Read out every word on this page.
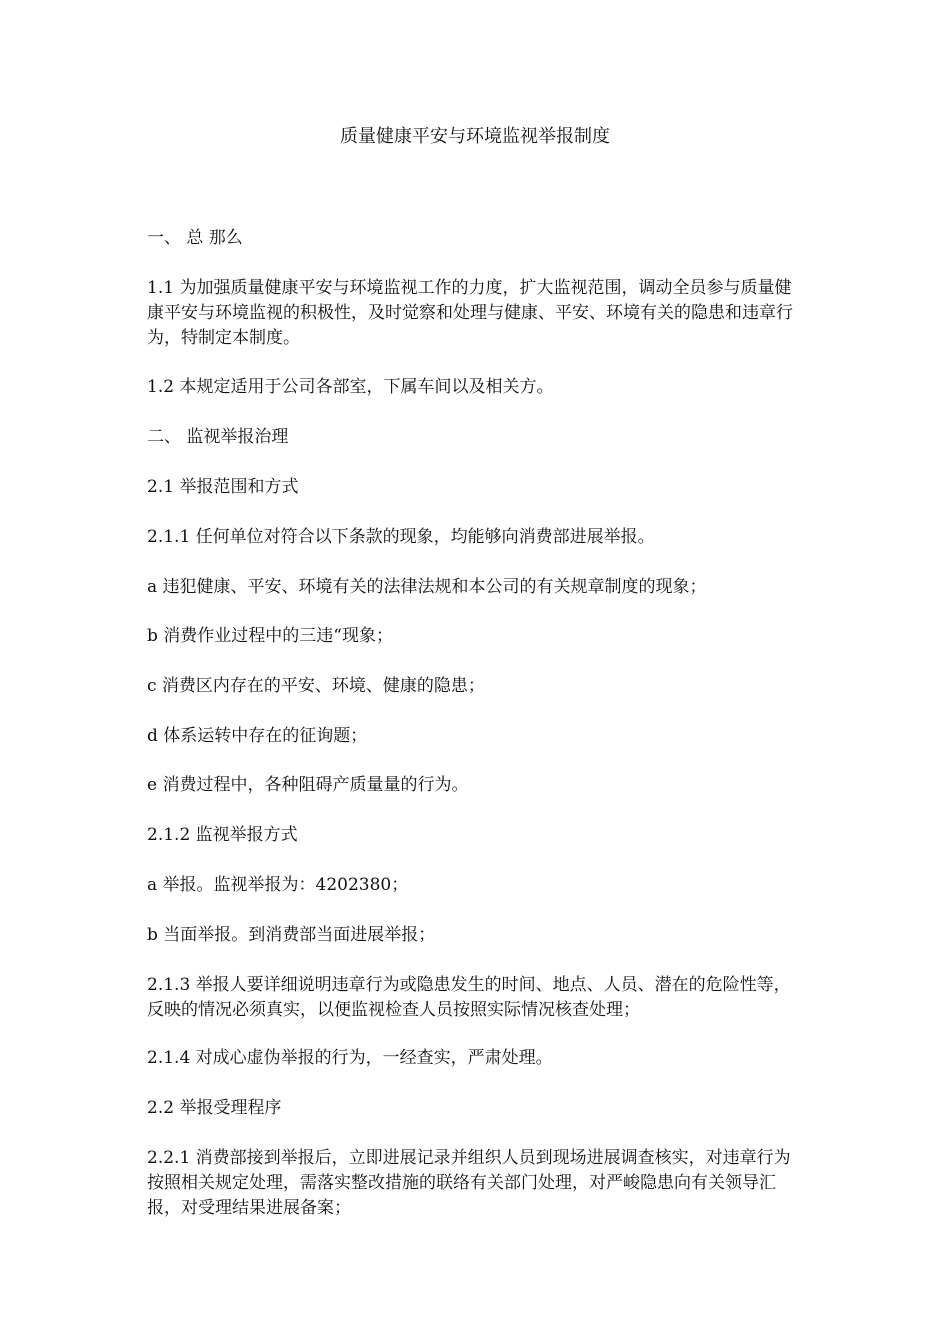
质量健康平安与环境监视举报制度

一、 总 那么

1.1 为加强质量健康平安与环境监视工作的力度，扩大监视范围，调动全员参与质量健康平安与环境监视的积极性，及时觉察和处理与健康、平安、环境有关的隐患和违章行为，特制定本制度。

1.2 本规定适用于公司各部室，下属车间以及相关方。

二、 监视举报治理

2.1 举报范围和方式

2.1.1 任何单位对符合以下条款的现象，均能够向消费部进展举报。

a 违犯健康、平安、环境有关的法律法规和本公司的有关规章制度的现象；

b 消费作业过程中的三违“现象；

c 消费区内存在的平安、环境、健康的隐患；

d 体系运转中存在的征询题；

e 消费过程中，各种阻碍产质量量的行为。

2.1.2 监视举报方式

a 举报。监视举报为：4202380；

b 当面举报。到消费部当面进展举报；

2.1.3 举报人要详细说明违章行为或隐患发生的时间、地点、人员、潜在的危险性等，反映的情况必须真实，以便监视检查人员按照实际情况核查处理；

2.1.4 对成心虚伪举报的行为，一经查实，严肃处理。

2.2 举报受理程序

2.2.1 消费部接到举报后，立即进展记录并组织人员到现场进展调查核实，对违章行为按照相关规定处理，需落实整改措施的联络有关部门处理，对严峻隐患向有关领导汇报，对受理结果进展备案；
